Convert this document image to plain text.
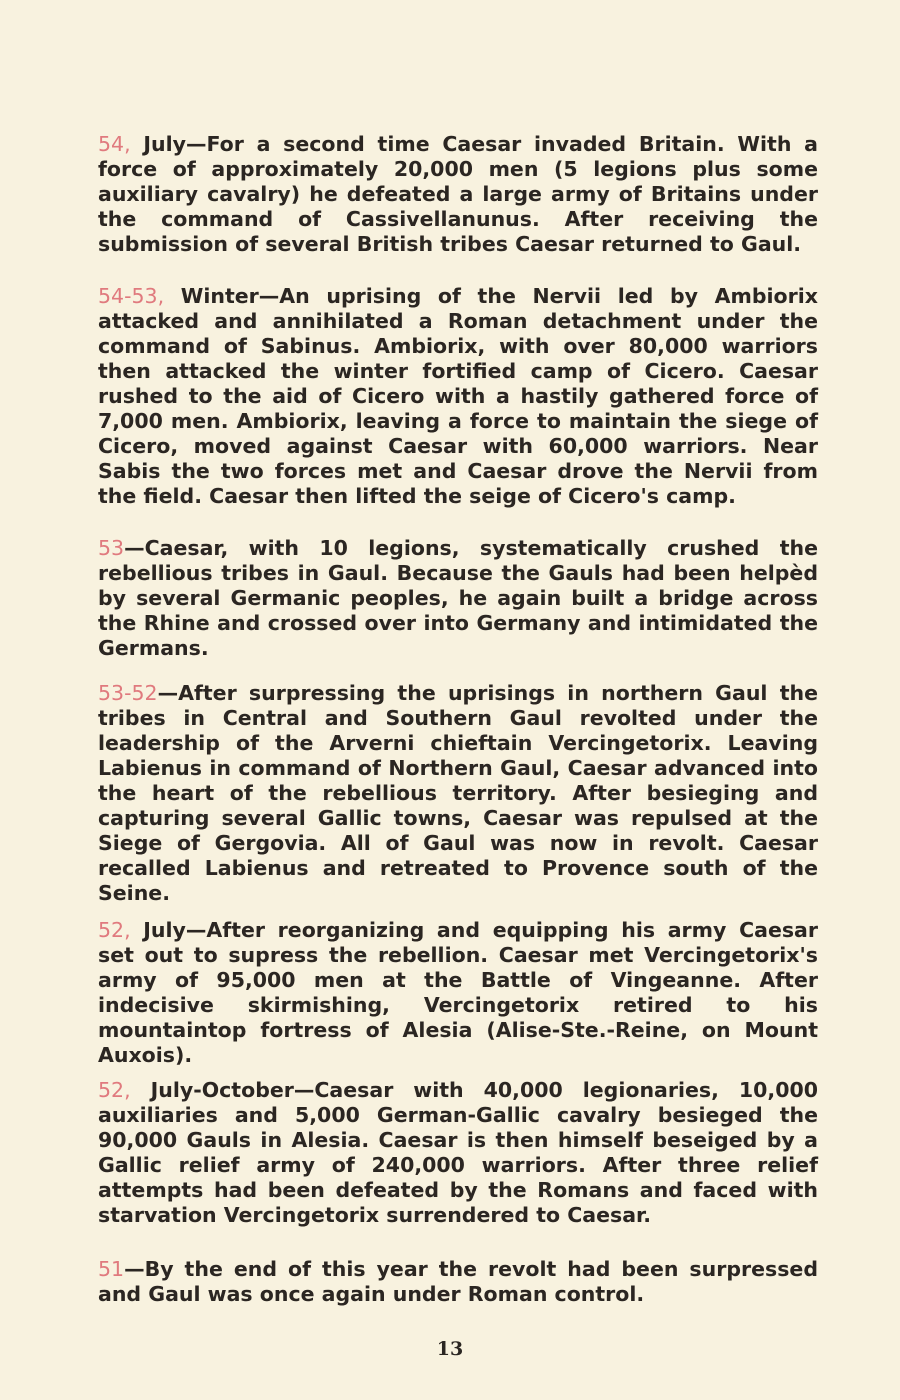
54, July—For a second time Caesar invaded Britain. With a force of approximately 20,000 men (5 legions plus some auxiliary cavalry) he defeated a large army of Britains under the command of Cassivellanunus. After receiving the submission of several British tribes Caesar returned to Gaul.

54-53, Winter—An uprising of the Nervii led by Ambiorix attacked and annihilated a Roman detachment under the command of Sabinus. Ambiorix, with over 80,000 warriors then attacked the winter fortified camp of Cicero. Caesar rushed to the aid of Cicero with a hastily gathered force of 7,000 men. Ambiorix, leaving a force to maintain the siege of Cicero, moved against Caesar with 60,000 warriors. Near Sabis the two forces met and Caesar drove the Nervii from the field. Caesar then lifted the seige of Cicero's camp.

53—Caesar, with 10 legions, systematically crushed the rebellious tribes in Gaul. Because the Gauls had been helpèd by several Germanic peoples, he again built a bridge across the Rhine and crossed over into Germany and intimidated the Germans.

53-52—After surpressing the uprisings in northern Gaul the tribes in Central and Southern Gaul revolted under the leadership of the Arverni chieftain Vercingetorix. Leaving Labienus in command of Northern Gaul, Caesar advanced into the heart of the rebellious territory. After besieging and capturing several Gallic towns, Caesar was repulsed at the Siege of Gergovia. All of Gaul was now in revolt. Caesar recalled Labienus and retreated to Provence south of the Seine.

52, July—After reorganizing and equipping his army Caesar set out to supress the rebellion. Caesar met Vercingetorix's army of 95,000 men at the Battle of Vingeanne. After indecisive skirmishing, Vercingetorix retired to his mountaintop fortress of Alesia (Alise-Ste.-Reine, on Mount Auxois).

52, July-October—Caesar with 40,000 legionaries, 10,000 auxiliaries and 5,000 German-Gallic cavalry besieged the 90,000 Gauls in Alesia. Caesar is then himself beseiged by a Gallic relief army of 240,000 warriors. After three relief attempts had been defeated by the Romans and faced with starvation Vercingetorix surrendered to Caesar.

51—By the end of this year the revolt had been surpressed and Gaul was once again under Roman control.

13
